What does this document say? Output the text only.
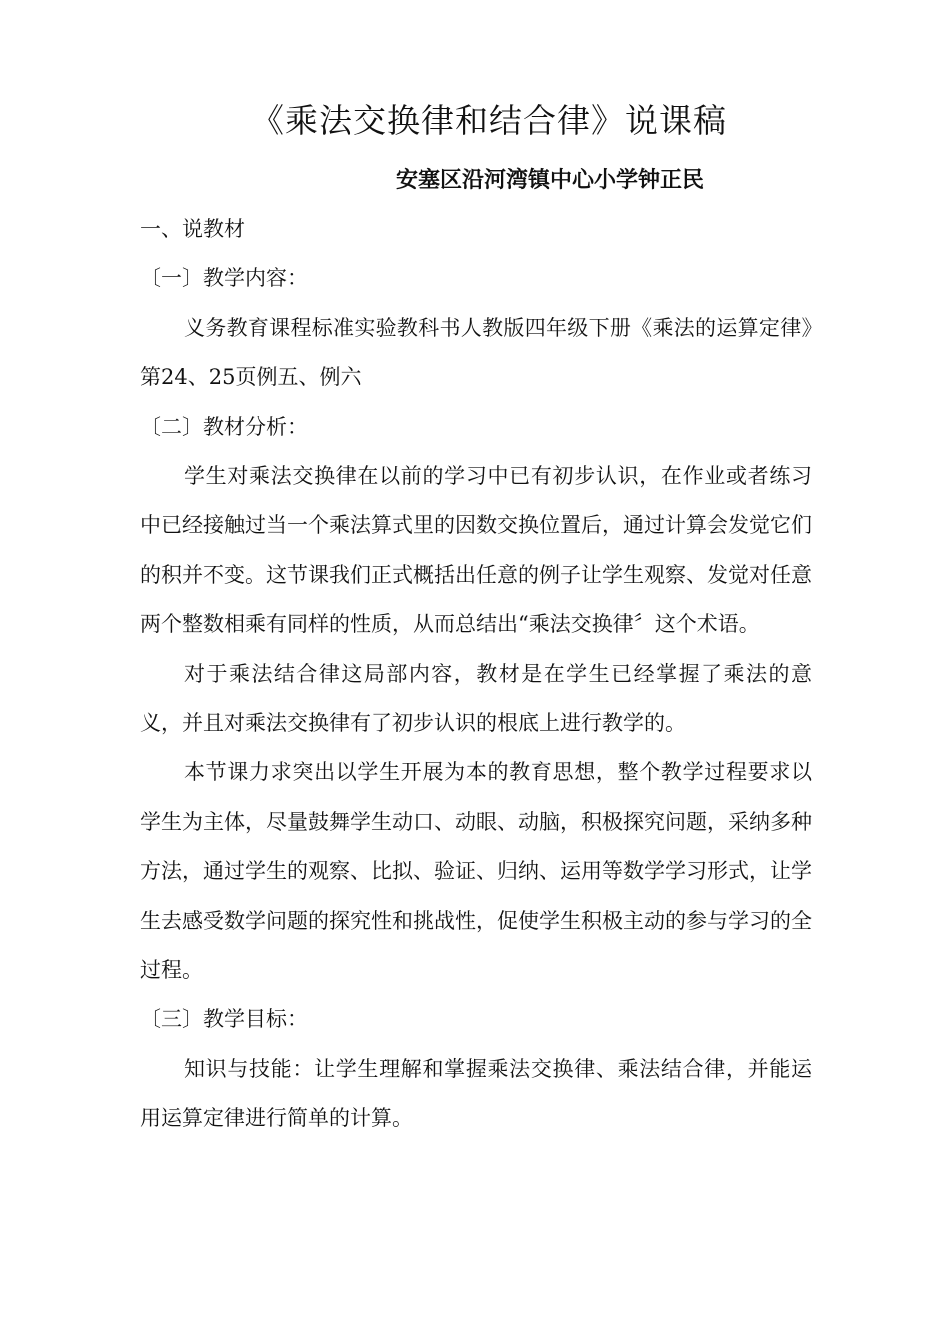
《乘法交换律和结合律》说课稿
安塞区沿河湾镇中心小学钟正民
一、说教材
〔一〕教学内容：

义务教育课程标准实验教科书人教版四年级下册《乘法的运算定律》第24、25页例五、例六

〔二〕教材分析：

学生对乘法交换律在以前的学习中已有初步认识，在作业或者练习中已经接触过当一个乘法算式里的因数交换位置后，通过计算会发觉它们的积并不变。这节课我们正式概括出任意的例子让学生观察、发觉对任意两个整数相乘有同样的性质，从而总结出“乘法交换律〞这个术语。

对于乘法结合律这局部内容，教材是在学生已经掌握了乘法的意义，并且对乘法交换律有了初步认识的根底上进行教学的。

本节课力求突出以学生开展为本的教育思想，整个教学过程要求以学生为主体，尽量鼓舞学生动口、动眼、动脑，积极探究问题，采纳多种方法，通过学生的观察、比拟、验证、归纳、运用等数学学习形式，让学生去感受数学问题的探究性和挑战性，促使学生积极主动的参与学习的全过程。

〔三〕教学目标：

知识与技能：让学生理解和掌握乘法交换律、乘法结合律，并能运用运算定律进行简单的计算。
